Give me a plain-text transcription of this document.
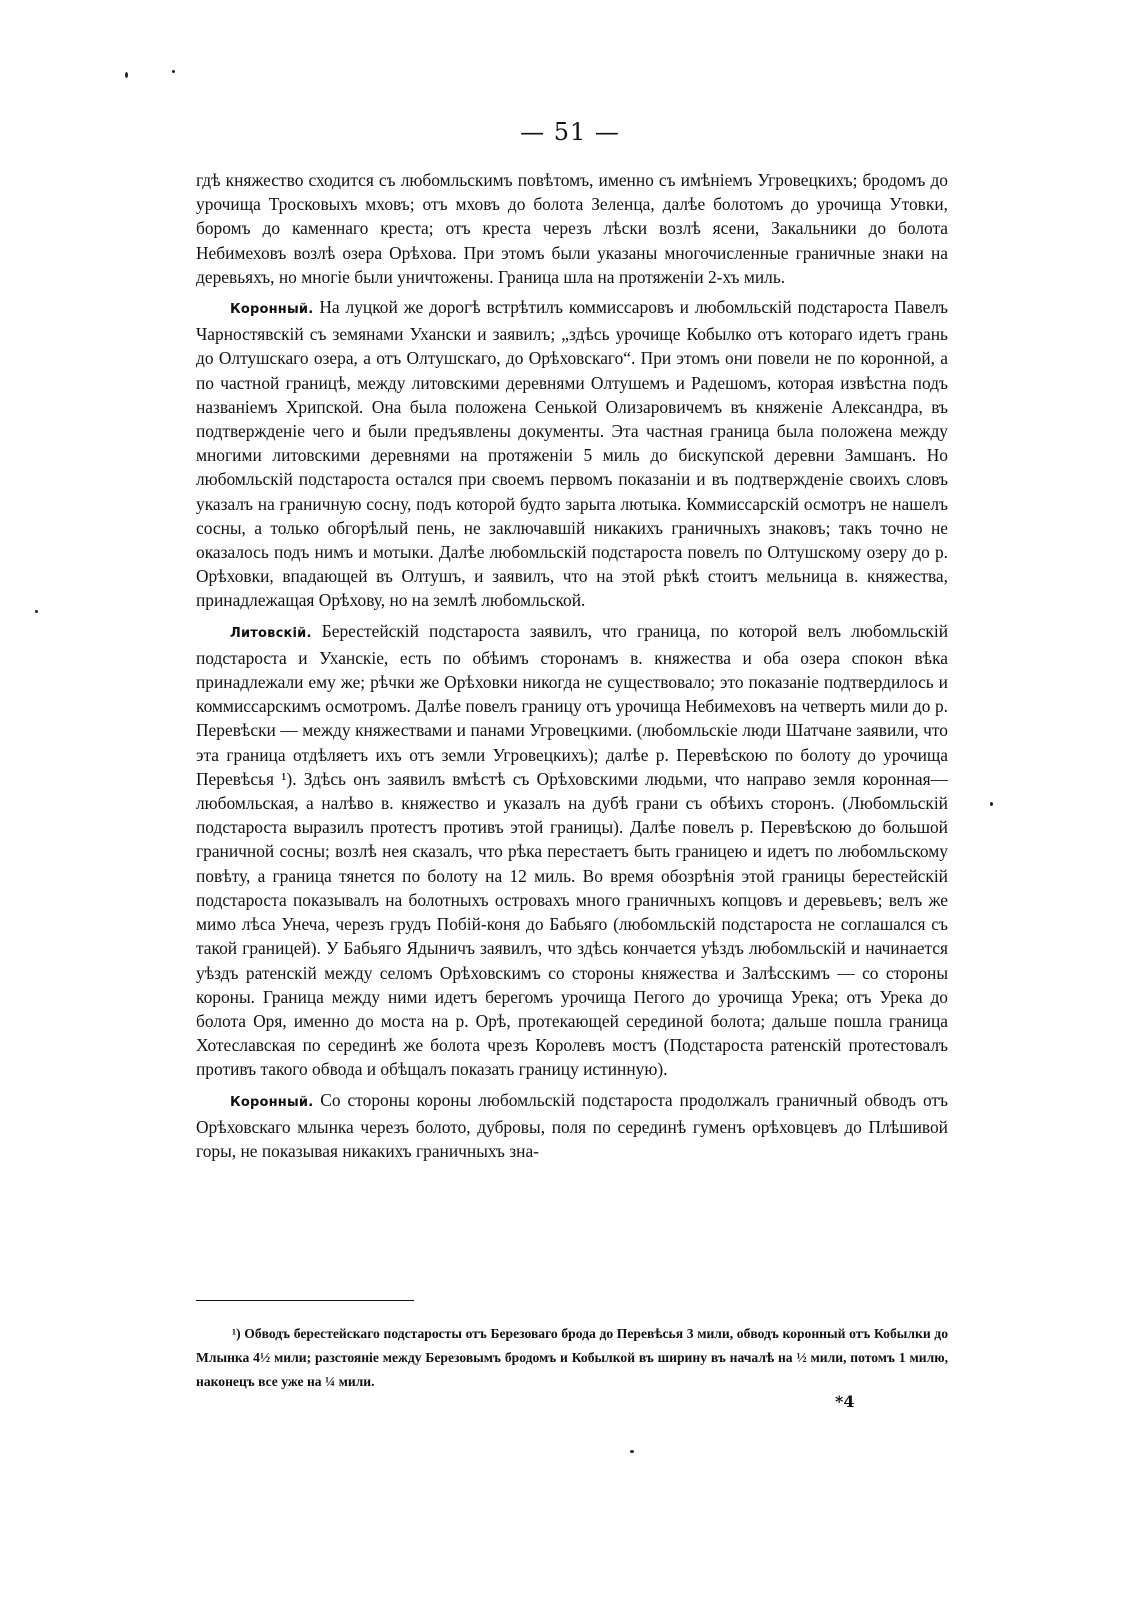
— 51 —

гдѣ княжество сходится съ любомльскимъ повѣтомъ, именно съ имѣніемъ Угровецкихъ; бродомъ до урочища Тросковыхъ мховъ; отъ мховъ до болота Зеленца, далѣе болотомъ до урочища Утовки, боромъ до каменнаго креста; отъ креста черезъ лѣски возлѣ ясени, Закальники до болота Небимеховъ возлѣ озера Орѣхова. При этомъ были указаны многочисленные граничные знаки на деревьяхъ, но многіе были уничтожены. Граница шла на протяженіи 2-хъ миль.

Коронный. На луцкой же дорогѣ встрѣтилъ коммиссаровъ и любомльскій подстароста Павелъ Чарностявскій съ земянами Ухански и заявилъ; „здѣсь урочище Кобылко отъ котораго идетъ грань до Олтушскаго озера, а отъ Олтушскаго, до Орѣховскаго“. При этомъ они повели не по коронной, а по частной границѣ, между литовскими деревнями Олтушемъ и Радешомъ, которая извѣстна подъ названіемъ Хрипской. Она была положена Сенькой Олизаровичемъ въ княженіе Александра, въ подтвержденіе чего и были предъявлены документы. Эта частная граница была положена между многими литовскими деревнями на протяженіи 5 миль до бискупской деревни Замшанъ. Но любомльскій подстароста остался при своемъ первомъ показаніи и въ подтвержденіе своихъ словъ указалъ на граничную сосну, подъ которой будто зарыта лютыка. Коммиссарскій осмотръ не нашелъ сосны, а только обгорѣлый пень, не заключавшій никакихъ граничныхъ знаковъ; такъ точно не оказалось подъ нимъ и мотыки. Далѣе любомльскій подстароста повелъ по Олтушскому озеру до р. Орѣховки, впадающей въ Олтушъ, и заявилъ, что на этой рѣкѣ стоитъ мельница в. княжества, принадлежащая Орѣхову, но на землѣ любомльской.

Литовскій. Берестейскій подстароста заявилъ, что граница, по которой велъ любомльскій подстароста и Уханскіе, есть по обѣимъ сторонамъ в. княжества и оба озера спокон вѣка принадлежали ему же; рѣчки же Орѣховки никогда не существовало; это показаніе подтвердилось и коммиссарскимъ осмотромъ. Далѣе повелъ границу отъ урочища Небимеховъ на четверть мили до р. Перевѣски — между княжествами и панами Угровецкими. (любомльскіе люди Шатчане заявили, что эта граница отдѣляетъ ихъ отъ земли Угровецкихъ); далѣе р. Перевѣскою по болоту до урочища Перевѣсья ¹). Здѣсь онъ заявилъ вмѣстѣ съ Орѣховскими людьми, что направо земля коронная—любомльская, а налѣво в. княжество и указалъ на дубѣ грани съ обѣихъ сторонъ. (Любомльскій подстароста выразилъ протестъ противъ этой границы). Далѣе повелъ р. Перевѣскою до большой граничной сосны; возлѣ нея сказалъ, что рѣка перестаетъ быть границею и идетъ по любомльскому повѣту, а граница тянется по болоту на 12 миль. Во время обозрѣнія этой границы берестейскій подстароста показывалъ на болотныхъ островахъ много граничныхъ копцовъ и деревьевъ; велъ же мимо лѣса Унеча, черезъ грудъ Побій-коня до Бабьяго (любомльскій подстароста не соглашался съ такой границей). У Бабьяго Ядыничъ заявилъ, что здѣсь кончается уѣздъ любомльскій и начинается уѣздъ ратенскій между селомъ Орѣховскимъ со стороны княжества и Залѣсскимъ — со стороны короны. Граница между ними идетъ берегомъ урочища Пегого до урочища Урека; отъ Урека до болота Оря, именно до моста на р. Орѣ, протекающей серединой болота; дальше пошла граница Хотеславская по серединѣ же болота чрезъ Королевъ мостъ (Подстароста ратенскій протестовалъ противъ такого обвода и обѣщалъ показать границу истинную).

Коронный. Со стороны короны любомльскій подстароста продолжалъ граничный обводъ отъ Орѣховскаго млынка черезъ болото, дубровы, поля по серединѣ гуменъ орѣховцевъ до Плѣшивой горы, не показывая никакихъ граничныхъ зна-

¹) Обводъ берестейскаго подстаросты отъ Березоваго брода до Перевѣсья 3 мили, обводъ коронный отъ Кобылки до Млынка 4½ мили; разстояніе между Березовымъ бродомъ и Кобылкой въ ширину въ началѣ на ½ мили, потомъ 1 милю, наконецъ все уже на ¼ мили.
*4
